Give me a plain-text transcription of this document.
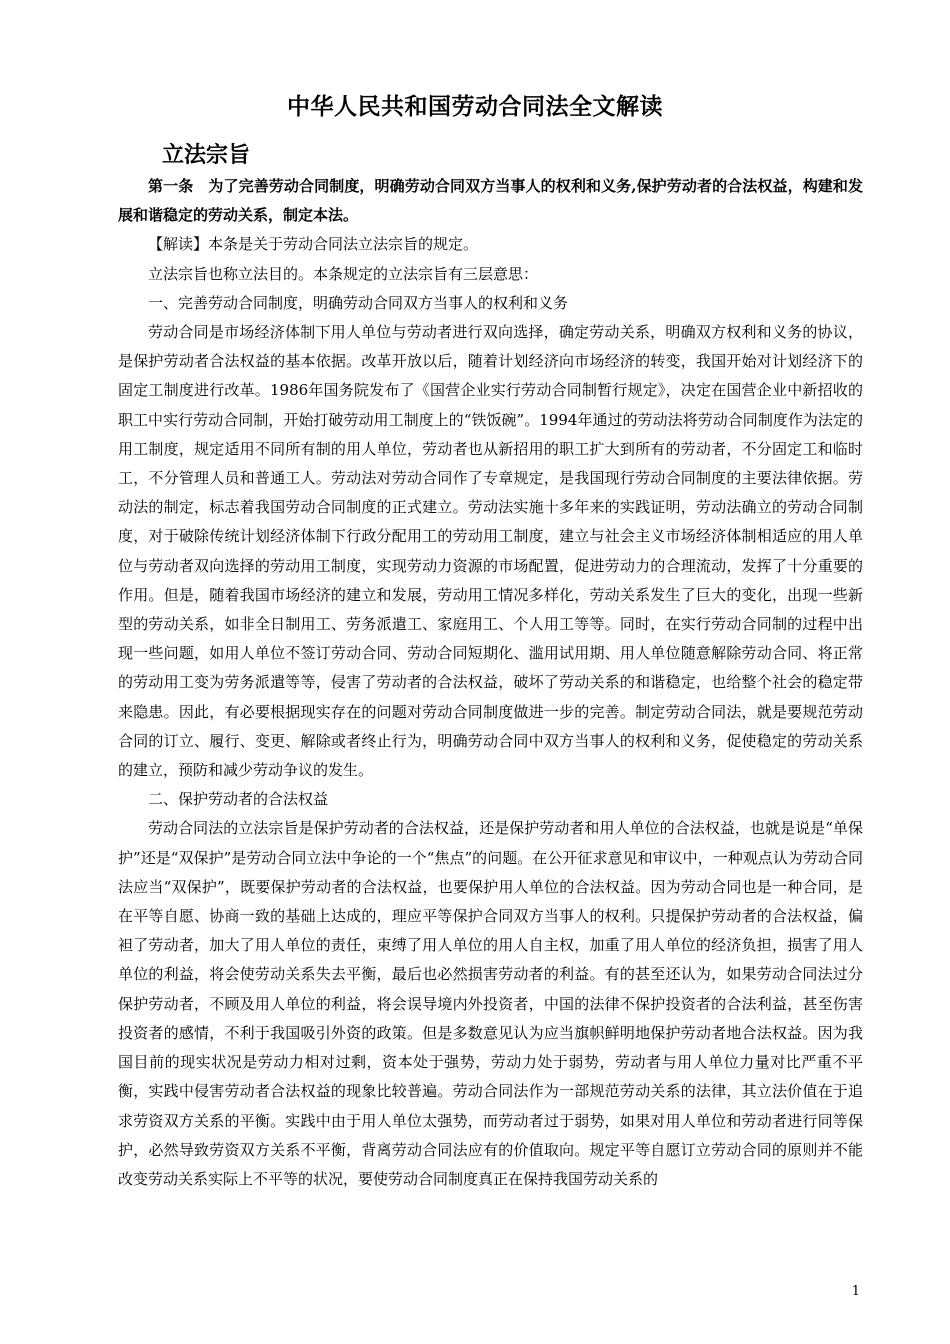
中华人民共和国劳动合同法全文解读
立法宗旨

第一条　为了完善劳动合同制度，明确劳动合同双方当事人的权利和义务,保护劳动者的合法权益，构建和发展和谐稳定的劳动关系，制定本法。

【解读】本条是关于劳动合同法立法宗旨的规定。

立法宗旨也称立法目的。本条规定的立法宗旨有三层意思：

一、完善劳动合同制度，明确劳动合同双方当事人的权利和义务

劳动合同是市场经济体制下用人单位与劳动者进行双向选择，确定劳动关系，明确双方权利和义务的协议，是保护劳动者合法权益的基本依据。改革开放以后，随着计划经济向市场经济的转变，我国开始对计划经济下的固定工制度进行改革。1986年国务院发布了《国营企业实行劳动合同制暂行规定》，决定在国营企业中新招收的职工中实行劳动合同制，开始打破劳动用工制度上的“铁饭碗”。1994年通过的劳动法将劳动合同制度作为法定的用工制度，规定适用不同所有制的用人单位，劳动者也从新招用的职工扩大到所有的劳动者，不分固定工和临时工，不分管理人员和普通工人。劳动法对劳动合同作了专章规定，是我国现行劳动合同制度的主要法律依据。劳动法的制定，标志着我国劳动合同制度的正式建立。劳动法实施十多年来的实践证明，劳动法确立的劳动合同制度，对于破除传统计划经济体制下行政分配用工的劳动用工制度，建立与社会主义市场经济体制相适应的用人单位与劳动者双向选择的劳动用工制度，实现劳动力资源的市场配置，促进劳动力的合理流动，发挥了十分重要的作用。但是，随着我国市场经济的建立和发展，劳动用工情况多样化，劳动关系发生了巨大的变化，出现一些新型的劳动关系，如非全日制用工、劳务派遣工、家庭用工、个人用工等等。同时，在实行劳动合同制的过程中出现一些问题，如用人单位不签订劳动合同、劳动合同短期化、滥用试用期、用人单位随意解除劳动合同、将正常的劳动用工变为劳务派遣等等，侵害了劳动者的合法权益，破坏了劳动关系的和谐稳定，也给整个社会的稳定带来隐患。因此，有必要根据现实存在的问题对劳动合同制度做进一步的完善。制定劳动合同法，就是要规范劳动合同的订立、履行、变更、解除或者终止行为，明确劳动合同中双方当事人的权利和义务，促使稳定的劳动关系的建立，预防和减少劳动争议的发生。

二、保护劳动者的合法权益

劳动合同法的立法宗旨是保护劳动者的合法权益，还是保护劳动者和用人单位的合法权益，也就是说是“单保护”还是“双保护”是劳动合同立法中争论的一个“焦点”的问题。在公开征求意见和审议中，一种观点认为劳动合同法应当“双保护”，既要保护劳动者的合法权益，也要保护用人单位的合法权益。因为劳动合同也是一种合同，是在平等自愿、协商一致的基础上达成的，理应平等保护合同双方当事人的权利。只提保护劳动者的合法权益，偏袒了劳动者，加大了用人单位的责任，束缚了用人单位的用人自主权，加重了用人单位的经济负担，损害了用人单位的利益，将会使劳动关系失去平衡，最后也必然损害劳动者的利益。有的甚至还认为，如果劳动合同法过分保护劳动者，不顾及用人单位的利益，将会误导境内外投资者，中国的法律不保护投资者的合法利益，甚至伤害投资者的感情，不利于我国吸引外资的政策。但是多数意见认为应当旗帜鲜明地保护劳动者地合法权益。因为我国目前的现实状况是劳动力相对过剩，资本处于强势，劳动力处于弱势，劳动者与用人单位力量对比严重不平衡，实践中侵害劳动者合法权益的现象比较普遍。劳动合同法作为一部规范劳动关系的法律，其立法价值在于追求劳资双方关系的平衡。实践中由于用人单位太强势，而劳动者过于弱势，如果对用人单位和劳动者进行同等保护，必然导致劳资双方关系不平衡，背离劳动合同法应有的价值取向。规定平等自愿订立劳动合同的原则并不能改变劳动关系实际上不平等的状况，要使劳动合同制度真正在保持我国劳动关系的

1
